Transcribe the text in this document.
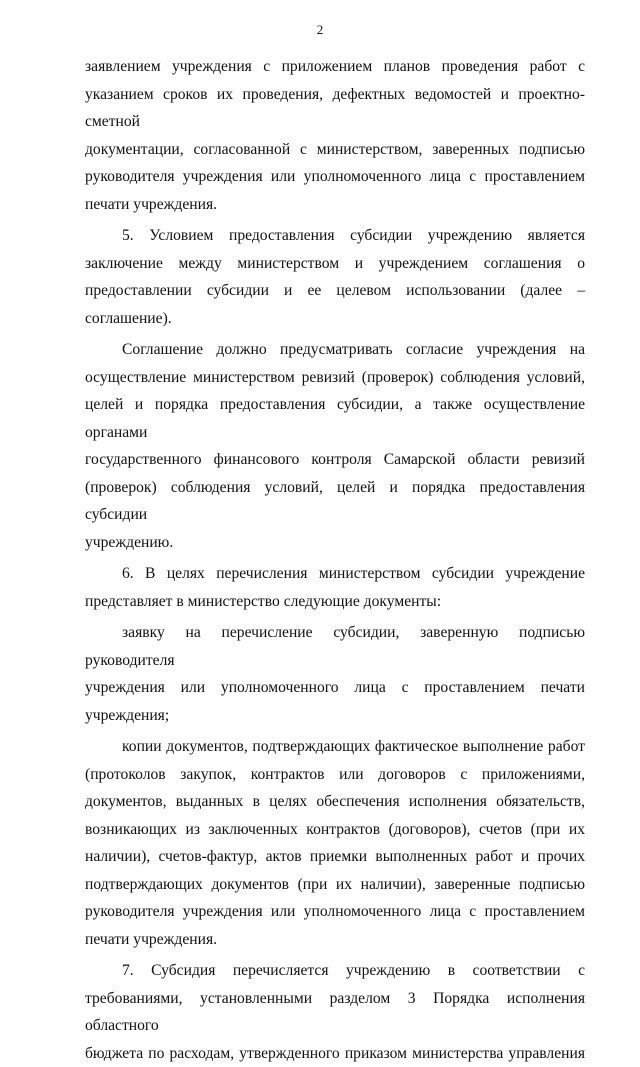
2

заявлением учреждения с приложением планов проведения работ с
указанием сроков их проведения, дефектных ведомостей и проектно-сметной
документации, согласованной с министерством, заверенных подписью
руководителя учреждения или уполномоченного лица с проставлением
печати учреждения.

5. Условием предоставления субсидии учреждению является
заключение между министерством и учреждением соглашения о
предоставлении субсидии и ее целевом использовании (далее – соглашение).

Соглашение должно предусматривать согласие учреждения на
осуществление министерством ревизий (проверок) соблюдения условий,
целей и порядка предоставления субсидии, а также осуществление органами
государственного финансового контроля Самарской области ревизий
(проверок) соблюдения условий, целей и порядка предоставления субсидии
учреждению.

6. В целях перечисления министерством субсидии учреждение
представляет в министерство следующие документы:

заявку на перечисление субсидии, заверенную подписью руководителя
учреждения или уполномоченного лица с проставлением печати
учреждения;

копии документов, подтверждающих фактическое выполнение работ
(протоколов закупок, контрактов или договоров с приложениями,
документов, выданных в целях обеспечения исполнения обязательств,
возникающих из заключенных контрактов (договоров), счетов (при их
наличии), счетов-фактур, актов приемки выполненных работ и прочих
подтверждающих документов (при их наличии), заверенные подписью
руководителя учреждения или уполномоченного лица с проставлением
печати учреждения.

7. Субсидия перечисляется учреждению в соответствии с
требованиями, установленными разделом 3 Порядка исполнения областного
бюджета по расходам, утвержденного приказом министерства управления
